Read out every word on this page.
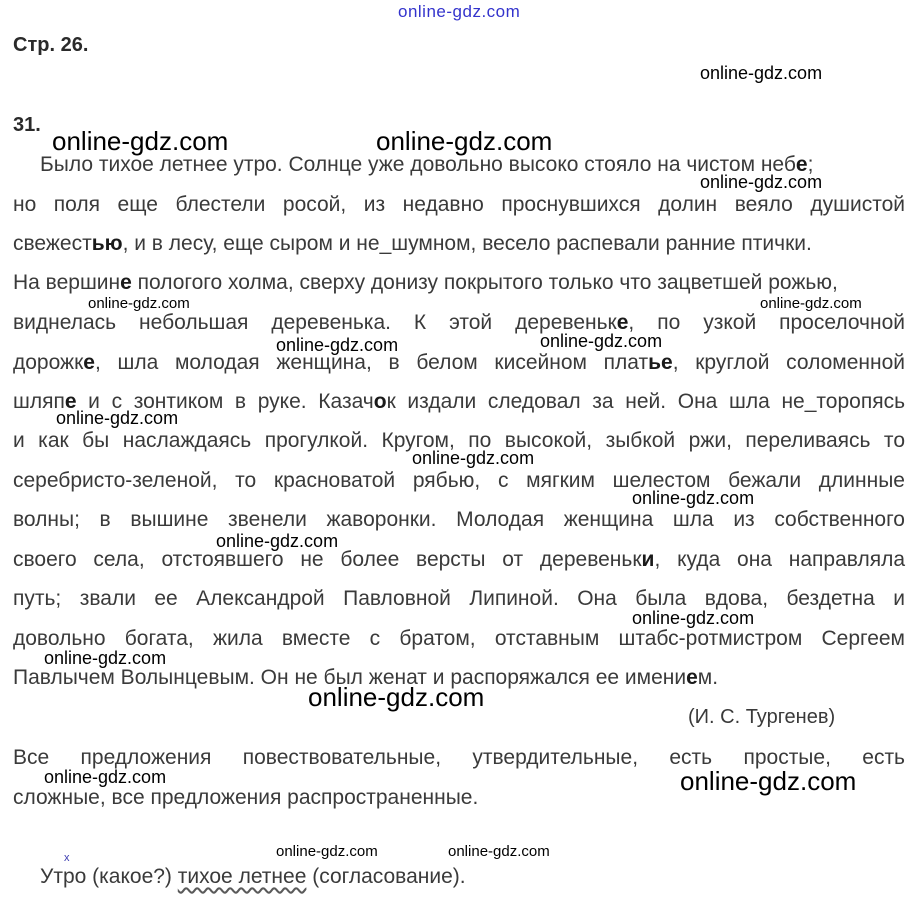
online-gdz.com
Стр. 26.
31.
Было тихое летнее утро. Солнце уже довольно высоко стояло на чистом небе;
но поля еще блестели росой, из недавно проснувшихся долин веяло душистой
свежестью, и в лесу, еще сыром и не_шумном, весело распевали ранние птички.
На вершине пологого холма, сверху донизу покрытого только что зацветшей рожью,
виднелась небольшая деревенька. К этой деревеньке, по узкой проселочной
дорожке, шла молодая женщина, в белом кисейном платье, круглой соломенной
шляпе и с зонтиком в руке. Казачок издали следовал за ней. Она шла не_торопясь
и как бы наслаждаясь прогулкой. Кругом, по высокой, зыбкой ржи, переливаясь то
серебристо-зеленой, то красноватой рябью, с мягким шелестом бежали длинные
волны; в вышине звенели жаворонки. Молодая женщина шла из собственного
своего села, отстоявшего не более версты от деревеньки, куда она направляла
путь; звали ее Александрой Павловной Липиной. Она была вдова, бездетна и
довольно богата, жила вместе с братом, отставным штабс-ротмистром Сергеем
Павлычем Волынцевым. Он не был женат и распоряжался ее имением.
(И. С. Тургенев)
Все предложения повествовательные, утвердительные, есть простые, есть
сложные, все предложения распространенные.
x
Утро (какое?) тихое летнее (согласование).
online-gdz.com
online-gdz.com	online-gdz.com
online-gdz.com
online-gdz.com	online-gdz.com
online-gdz.com	online-gdz.com
online-gdz.com
online-gdz.com
online-gdz.com
online-gdz.com
online-gdz.com
online-gdz.com
online-gdz.com
online-gdz.com	online-gdz.com
online-gdz.com	online-gdz.com
